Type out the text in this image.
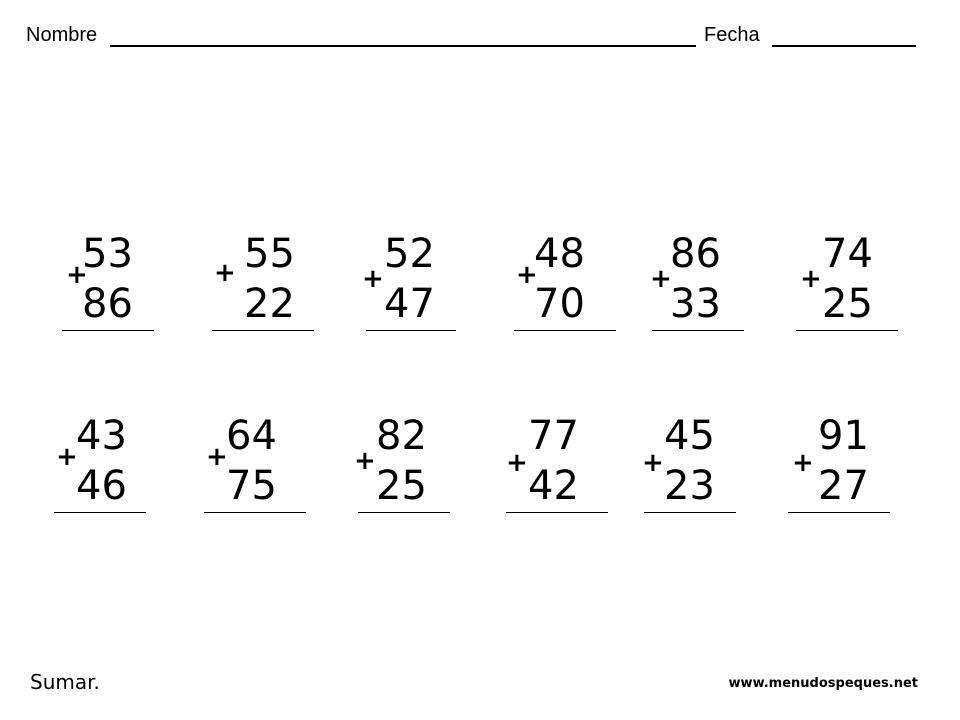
Nombre	Fecha
+
53
86
+ 55
22
+
52
47
+
48
70
+
86
33
+
74
25
+
43
46
+
64
75
+
82
25	+
77
42 +
45
23	+
91
27
Sumar.	www.menudospeques.net
